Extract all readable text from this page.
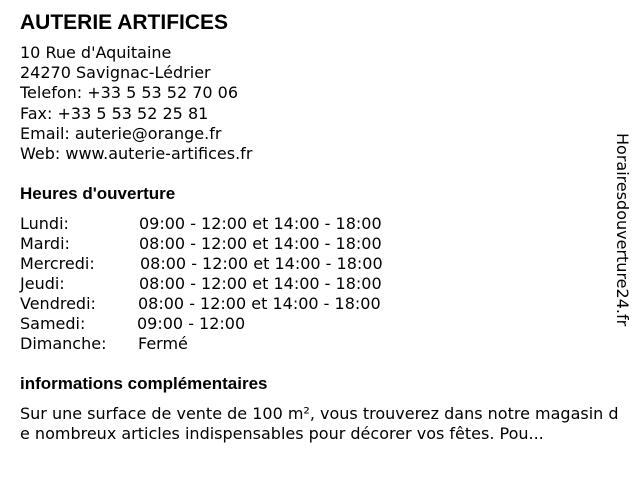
AUTERIE ARTIFICES
10 Rue d'Aquitaine
24270 Savignac-Lédrier
Telefon: +33 5 53 52 70 06
Fax: +33 5 53 52 25 81
Email: auterie@orange.fr
Web: www.auterie-artifices.fr
Heures d'ouverture
Lundi:	09:00 - 12:00 et 14:00 - 18:00
Mardi:	08:00 - 12:00 et 14:00 - 18:00
Mercredi:	08:00 - 12:00 et 14:00 - 18:00
Jeudi:	08:00 - 12:00 et 14:00 - 18:00
Vendredi:	08:00 - 12:00 et 14:00 - 18:00
Samedi:	09:00 - 12:00
Dimanche: Fermé
informations complémentaires
Sur une surface de vente de 100 m², vous trouverez dans notre magasin de nombreux articles indispensables pour décorer vos fêtes. Pou...
Horairesdouverture24.fr
